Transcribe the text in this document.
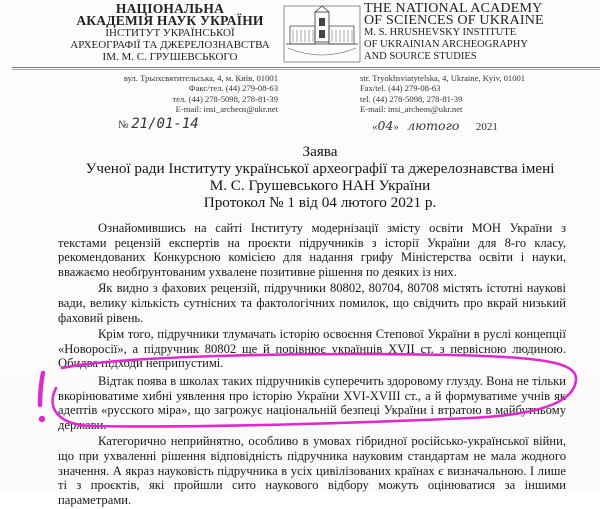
НАЦІОНАЛЬНА
АКАДЕМІЯ НАУК УКРАЇНИ
ІНСТИТУТ УКРАЇНСЬКОЇ
АРХЕОГРАФІЇ ТА ДЖЕРЕЛОЗНАВСТВА
ІМ. М. С. ГРУШЕВСЬКОГО
THE NATIONAL ACADEMY
OF SCIENCES OF UKRAINE
M. S. HRUSHEVSKY INSTITUTE
OF UKRAINIAN ARCHEOGRAPHY
AND SOURCE STUDIES
вул. Трьохсвятительська, 4, м. Київ, 01001
Факс/тел. (44) 279-08-63
тел. (44) 278-5098, 278-81-39
E-mail: insi_archeos@ukr.net
str. Tryokhsviatytelska, 4, Ukraine, Kyiv, 01001
Fax/tel. (44) 279-08-63
tel. (44) 278-5098, 278-81-39
E-mail: insi_archeos@ukr.net
№ 21/01-14	«04»   лютого 2021
Заява
Ученої ради Інституту української археографії та джерелознавства імені
М. С. Грушевського НАН України
Протокол № 1 від 04 лютого 2021 р.

Ознайомившись на сайті Інституту модернізації змісту освіти МОН України з текстами рецензій експертів на проєкти підручників з історії України для 8-го класу, рекомендованих Конкурсною комісією для надання грифу Міністерства освіти і науки, вважаємо необґрунтованим ухвалене позитивне рішення по деяких із них.

Як видно з фахових рецензій, підручники 80802, 80704, 80708 містять істотні наукові вади, велику кількість сутнісних та фактологічних помилок, що свідчить про вкрай низький фаховий рівень.

Крім того, підручники тлумачать історію освоєння Степової України в руслі концепції «Новоросії», а підручник 80802 ще й порівнює українців XVII ст. з первісною людиною. Обидва підходи неприпустимі.

Відтак поява в школах таких підручників суперечить здоровому глузду. Вона не тільки вкорінюватиме хибні уявлення про історію України XVI-XVIII ст., а й формуватиме учнів як адептів «русского міра», що загрожує національній безпеці України і втратою в майбутньому держави.

Категорично неприйнятно, особливо в умовах гібридної російсько-української війни, що при ухваленні рішення відповідність підручника науковим стандартам не мала жодного значення. А якраз науковість підручника в усіх цивілізованих країнах є визначальною. І лише ті з проєктів, які пройшли сито наукового відбору можуть оцінюватися за іншими параметрами.
